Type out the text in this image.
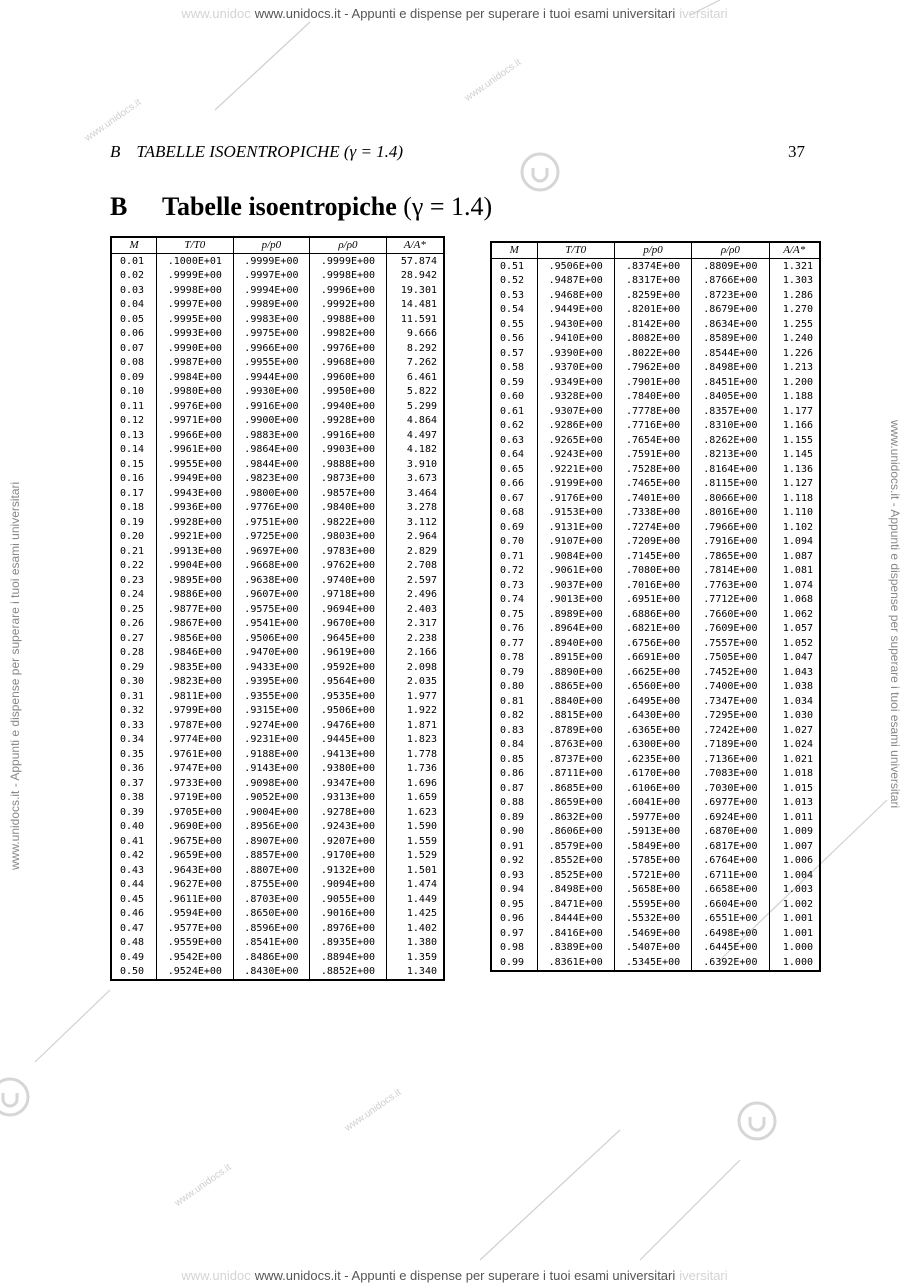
www.unidoc www.unidocs.it - Appunti e dispense per superare i tuoi esami universitari iversitari
www.unidocs.it
www.unidocs.it
www.unidocs.it
www.unidocs.it
www.unidocs.it - Appunti e dispense per superare i tuoi esami universitari	www.unidocs.it - Appunti e dispense per superare i tuoi esami universitari
B TABELLE ISOENTROPICHE (γ = 1.4)	37
B Tabelle isoentropiche (γ = 1.4)
M	T/T0	p/p0	ρ/ρ0	A/A*
0.01	.1000E+01	.9999E+00	.9999E+00	57.874
0.02	.9999E+00	.9997E+00	.9998E+00	28.942
0.03	.9998E+00	.9994E+00	.9996E+00	19.301
0.04	.9997E+00	.9989E+00	.9992E+00	14.481
0.05	.9995E+00	.9983E+00	.9988E+00	11.591
0.06	.9993E+00	.9975E+00	.9982E+00	9.666
0.07	.9990E+00	.9966E+00	.9976E+00	8.292
0.08	.9987E+00	.9955E+00	.9968E+00	7.262
0.09	.9984E+00	.9944E+00	.9960E+00	6.461
0.10	.9980E+00	.9930E+00	.9950E+00	5.822
0.11	.9976E+00	.9916E+00	.9940E+00	5.299
0.12	.9971E+00	.9900E+00	.9928E+00	4.864
0.13	.9966E+00	.9883E+00	.9916E+00	4.497
0.14	.9961E+00	.9864E+00	.9903E+00	4.182
0.15	.9955E+00	.9844E+00	.9888E+00	3.910
0.16	.9949E+00	.9823E+00	.9873E+00	3.673
0.17	.9943E+00	.9800E+00	.9857E+00	3.464
0.18	.9936E+00	.9776E+00	.9840E+00	3.278
0.19	.9928E+00	.9751E+00	.9822E+00	3.112
0.20	.9921E+00	.9725E+00	.9803E+00	2.964
0.21	.9913E+00	.9697E+00	.9783E+00	2.829
0.22	.9904E+00	.9668E+00	.9762E+00	2.708
0.23	.9895E+00	.9638E+00	.9740E+00	2.597
0.24	.9886E+00	.9607E+00	.9718E+00	2.496
0.25	.9877E+00	.9575E+00	.9694E+00	2.403
0.26	.9867E+00	.9541E+00	.9670E+00	2.317
0.27	.9856E+00	.9506E+00	.9645E+00	2.238
0.28	.9846E+00	.9470E+00	.9619E+00	2.166
0.29	.9835E+00	.9433E+00	.9592E+00	2.098
0.30	.9823E+00	.9395E+00	.9564E+00	2.035
0.31	.9811E+00	.9355E+00	.9535E+00	1.977
0.32	.9799E+00	.9315E+00	.9506E+00	1.922
0.33	.9787E+00	.9274E+00	.9476E+00	1.871
0.34	.9774E+00	.9231E+00	.9445E+00	1.823
0.35	.9761E+00	.9188E+00	.9413E+00	1.778
0.36	.9747E+00	.9143E+00	.9380E+00	1.736
0.37	.9733E+00	.9098E+00	.9347E+00	1.696
0.38	.9719E+00	.9052E+00	.9313E+00	1.659
0.39	.9705E+00	.9004E+00	.9278E+00	1.623
0.40	.9690E+00	.8956E+00	.9243E+00	1.590
0.41	.9675E+00	.8907E+00	.9207E+00	1.559
0.42	.9659E+00	.8857E+00	.9170E+00	1.529
0.43	.9643E+00	.8807E+00	.9132E+00	1.501
0.44	.9627E+00	.8755E+00	.9094E+00	1.474
0.45	.9611E+00	.8703E+00	.9055E+00	1.449
0.46	.9594E+00	.8650E+00	.9016E+00	1.425
0.47	.9577E+00	.8596E+00	.8976E+00	1.402
0.48	.9559E+00	.8541E+00	.8935E+00	1.380
0.49	.9542E+00	.8486E+00	.8894E+00	1.359
0.50	.9524E+00	.8430E+00	.8852E+00	1.340
M	T/T0	p/p0	ρ/ρ0	A/A*
0.51	.9506E+00	.8374E+00	.8809E+00	1.321
0.52	.9487E+00	.8317E+00	.8766E+00	1.303
0.53	.9468E+00	.8259E+00	.8723E+00	1.286
0.54	.9449E+00	.8201E+00	.8679E+00	1.270
0.55	.9430E+00	.8142E+00	.8634E+00	1.255
0.56	.9410E+00	.8082E+00	.8589E+00	1.240
0.57	.9390E+00	.8022E+00	.8544E+00	1.226
0.58	.9370E+00	.7962E+00	.8498E+00	1.213
0.59	.9349E+00	.7901E+00	.8451E+00	1.200
0.60	.9328E+00	.7840E+00	.8405E+00	1.188
0.61	.9307E+00	.7778E+00	.8357E+00	1.177
0.62	.9286E+00	.7716E+00	.8310E+00	1.166
0.63	.9265E+00	.7654E+00	.8262E+00	1.155
0.64	.9243E+00	.7591E+00	.8213E+00	1.145
0.65	.9221E+00	.7528E+00	.8164E+00	1.136
0.66	.9199E+00	.7465E+00	.8115E+00	1.127
0.67	.9176E+00	.7401E+00	.8066E+00	1.118
0.68	.9153E+00	.7338E+00	.8016E+00	1.110
0.69	.9131E+00	.7274E+00	.7966E+00	1.102
0.70	.9107E+00	.7209E+00	.7916E+00	1.094
0.71	.9084E+00	.7145E+00	.7865E+00	1.087
0.72	.9061E+00	.7080E+00	.7814E+00	1.081
0.73	.9037E+00	.7016E+00	.7763E+00	1.074
0.74	.9013E+00	.6951E+00	.7712E+00	1.068
0.75	.8989E+00	.6886E+00	.7660E+00	1.062
0.76	.8964E+00	.6821E+00	.7609E+00	1.057
0.77	.8940E+00	.6756E+00	.7557E+00	1.052
0.78	.8915E+00	.6691E+00	.7505E+00	1.047
0.79	.8890E+00	.6625E+00	.7452E+00	1.043
0.80	.8865E+00	.6560E+00	.7400E+00	1.038
0.81	.8840E+00	.6495E+00	.7347E+00	1.034
0.82	.8815E+00	.6430E+00	.7295E+00	1.030
0.83	.8789E+00	.6365E+00	.7242E+00	1.027
0.84	.8763E+00	.6300E+00	.7189E+00	1.024
0.85	.8737E+00	.6235E+00	.7136E+00	1.021
0.86	.8711E+00	.6170E+00	.7083E+00	1.018
0.87	.8685E+00	.6106E+00	.7030E+00	1.015
0.88	.8659E+00	.6041E+00	.6977E+00	1.013
0.89	.8632E+00	.5977E+00	.6924E+00	1.011
0.90	.8606E+00	.5913E+00	.6870E+00	1.009
0.91	.8579E+00	.5849E+00	.6817E+00	1.007
0.92	.8552E+00	.5785E+00	.6764E+00	1.006
0.93	.8525E+00	.5721E+00	.6711E+00	1.004
0.94	.8498E+00	.5658E+00	.6658E+00	1.003
0.95	.8471E+00	.5595E+00	.6604E+00	1.002
0.96	.8444E+00	.5532E+00	.6551E+00	1.001
0.97	.8416E+00	.5469E+00	.6498E+00	1.001
0.98	.8389E+00	.5407E+00	.6445E+00	1.000
0.99	.8361E+00	.5345E+00	.6392E+00	1.000
www.unidoc www.unidocs.it - Appunti e dispense per superare i tuoi esami universitari iversitari
